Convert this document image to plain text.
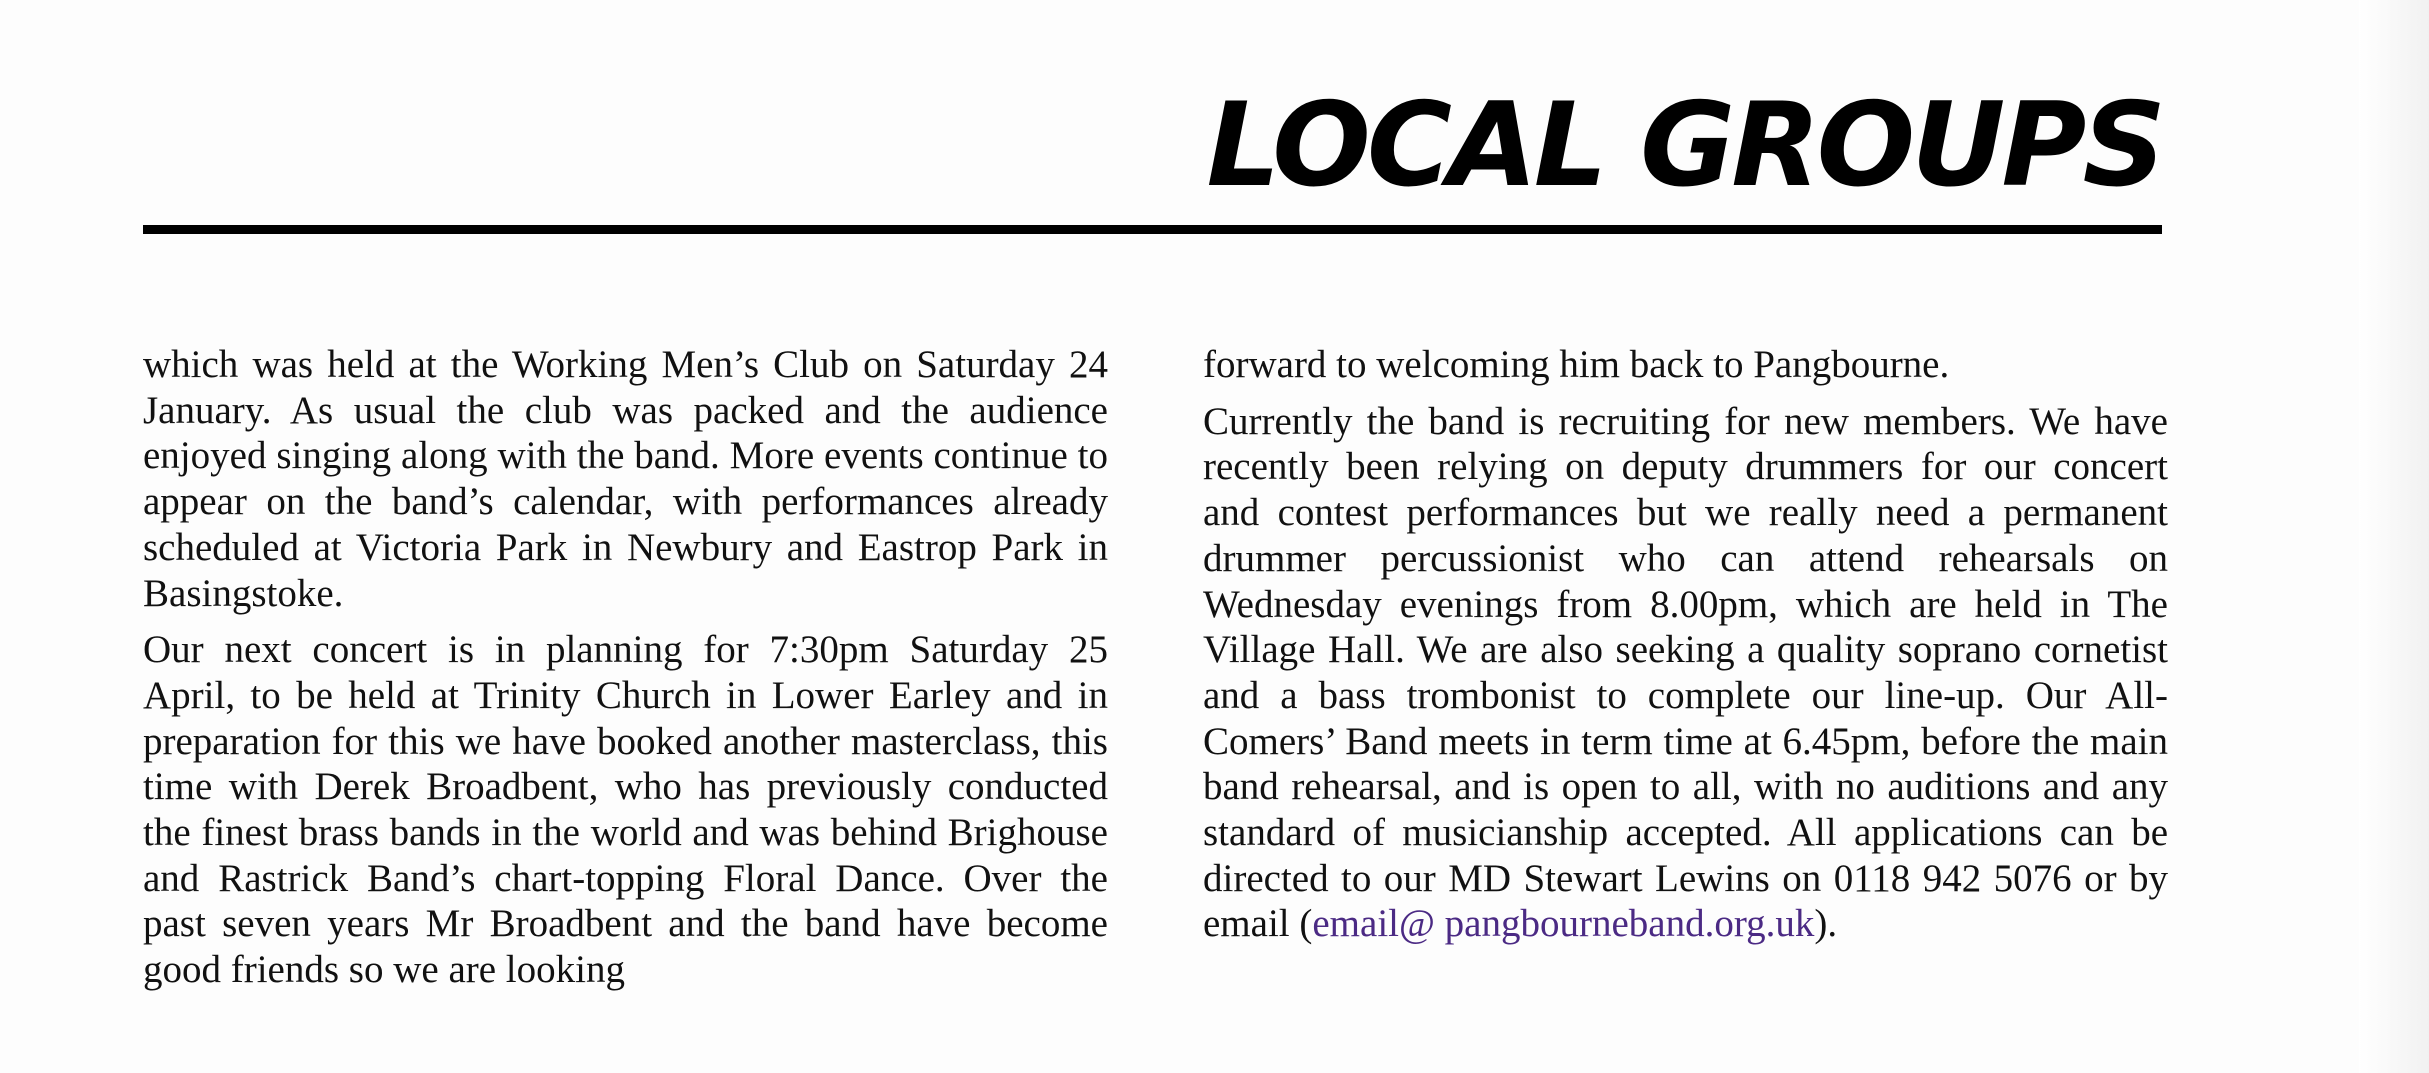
LOCAL GROUPS

which was held at the Working Men’s Club on Saturday 24 January. As usual the club was packed and the audience enjoyed singing along with the band. More events continue to appear on the band’s calendar, with performances already scheduled at Victoria Park in Newbury and Eastrop Park in Basingstoke.

Our next concert is in planning for 7:30pm Saturday 25 April, to be held at Trinity Church in Lower Earley and in preparation for this we have booked another masterclass, this time with Derek Broadbent, who has previously conducted the finest brass bands in the world and was behind Brighouse and Rastrick Band’s chart-topping Floral Dance. Over the past seven years Mr Broadbent and the band have become good friends so we are looking

forward to welcoming him back to Pangbourne.

Currently the band is recruiting for new members. We have recently been relying on deputy drummers for our concert and contest performances but we really need a permanent drummer percussionist who can attend rehearsals on Wednesday evenings from 8.00pm, which are held in The Village Hall. We are also seeking a quality soprano cornetist and a bass trombonist to complete our line-up. Our All-Comers’ Band meets in term time at 6.45pm, before the main band rehearsal, and is open to all, with no auditions and any standard of musicianship accepted. All applications can be directed to our MD Stewart Lewins on 0118 942 5076 or by email (email@ pangbourneband.org.uk).
